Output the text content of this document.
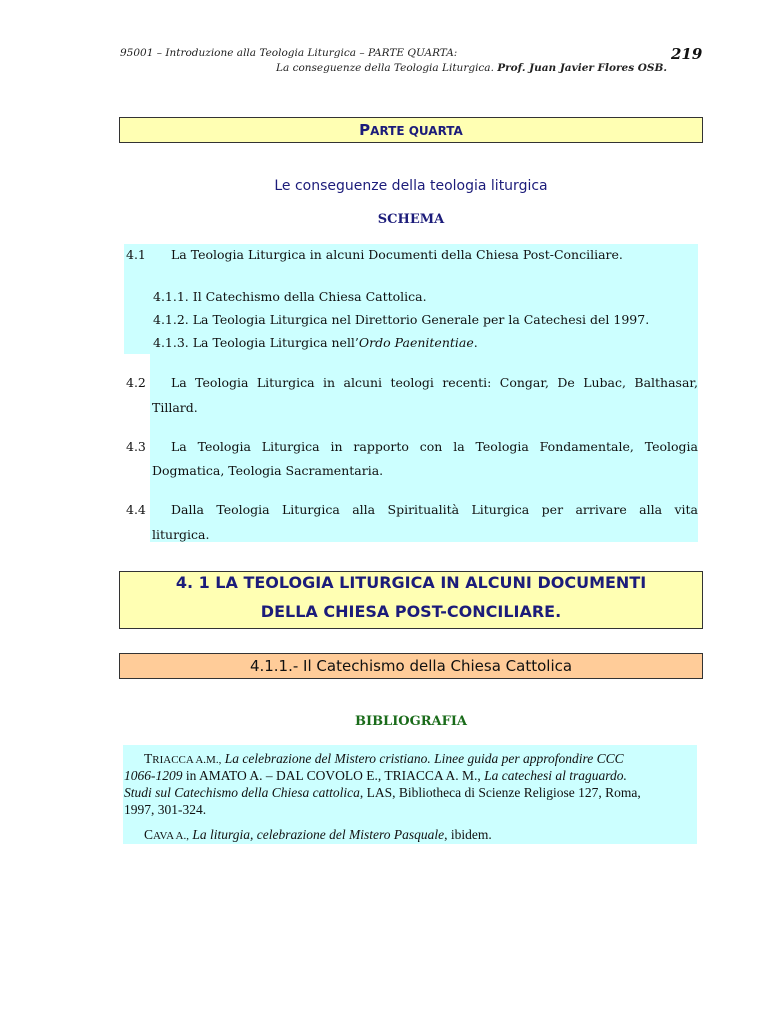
95001 – Introduzione alla Teologia Liturgica – PARTE QUARTA:
La conseguenze della Teologia Liturgica. Prof. Juan Javier Flores OSB.
219
PARTE QUARTA
Le conseguenze della teologia liturgica
SCHEMA
4.1 La Teologia Liturgica in alcuni Documenti della Chiesa Post-Conciliare.
4.1.1. Il Catechismo della Chiesa Cattolica.
4.1.2. La Teologia Liturgica nel Direttorio Generale per la Catechesi del 1997.
4.1.3. La Teologia Liturgica nell’Ordo Paenitentiae.
4.2 La Teologia Liturgica in alcuni teologi recenti: Congar, De Lubac, Balthasar,
Tillard.
4.3 La Teologia Liturgica in rapporto con la Teologia Fondamentale, Teologia
Dogmatica, Teologia Sacramentaria.
4.4 Dalla Teologia Liturgica alla Spiritualità Liturgica per arrivare alla vita
liturgica.
4. 1 LA TEOLOGIA LITURGICA IN ALCUNI DOCUMENTI
DELLA CHIESA POST-CONCILIARE.
4.1.1.- Il Catechismo della Chiesa Cattolica
BIBLIOGRAFIA
TRIACCA A.M., La celebrazione del Mistero cristiano. Linee guida per approfondire CCC
1066-1209 in AMATO A. – DAL COVOLO E., TRIACCA A. M., La catechesi al traguardo.
Studi sul Catechismo della Chiesa cattolica, LAS, Bibliotheca di Scienze Religiose 127, Roma,
1997, 301-324.
CAVA A., La liturgia, celebrazione del Mistero Pasquale, ibidem.
